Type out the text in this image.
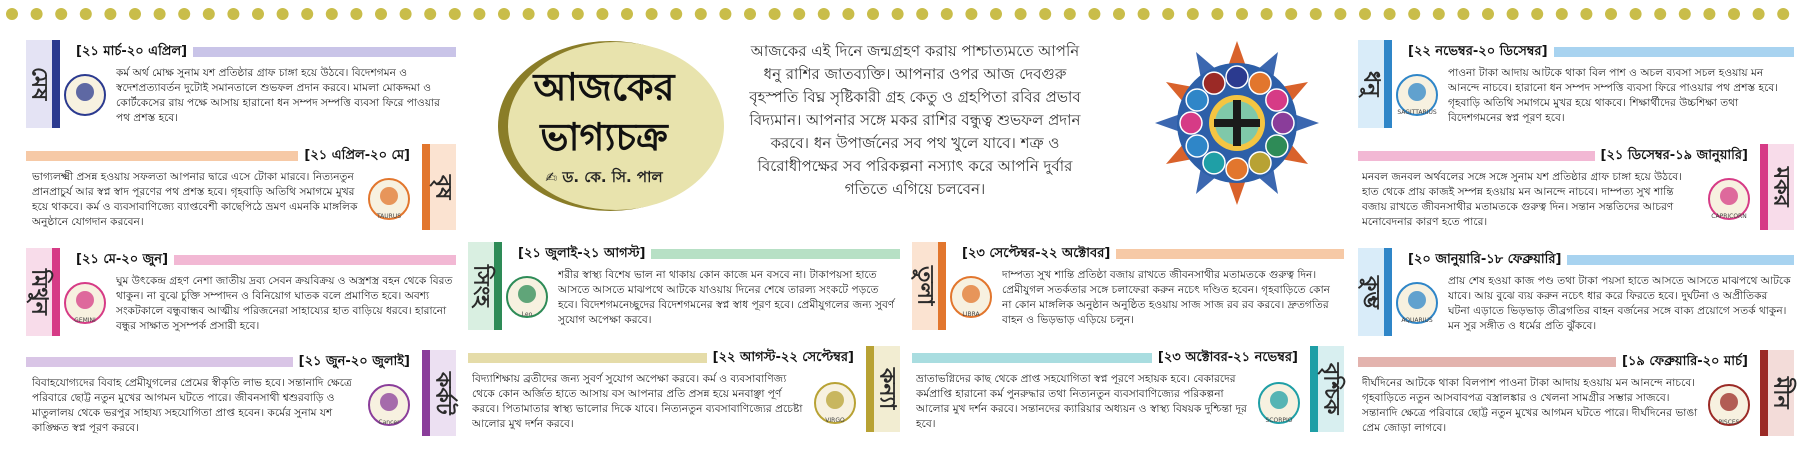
মেষ
[২১ মার্চ-২০ এপ্রিল]
কর্ম অর্থ মোক্ষ সুনাম যশ প্রতিষ্ঠার গ্রাফ চাঙ্গা হয়ে উঠবে। বিদেশগমন ও স্বদেশপ্রত্যাবর্তন দুটোই সমানতালে শুভফল প্রদান করবে। মামলা মোকদ্দমা ও কোর্টকেসের রায় পক্ষে আসায় হারানো ধন সম্পদ সম্পত্তি ব্যবসা ফিরে পাওয়ার পথ প্রশস্ত হবে।
[২১ এপ্রিল-২০ মে]
বৃষ
ভাগ্যলক্ষ্মী প্রসন্ন হওয়ায় সফলতা আপনার দ্বারে এসে টোকা মারবে। নিত্যনতুন প্রানপ্রাচুর্য আর স্বপ্ন স্বাদ পূরণের পথ প্রশস্ত হবে। গৃহবাড়ি অতিথি সমাগমে মুখর হয়ে থাকবে। কর্ম ও ব্যবসাবাণিজ্যে ব্যাপ্তবেশী কাছেপিঠে ভ্রমণ এমনকি মাঙ্গলিক অনুষ্ঠানে যোগদান করবেন।	TAURUS
মিথুন
[২১ মে-২০ জুন]
GEMINI
ঘুম উৎকেন্দ্র গ্রহণ নেশা জাতীয় দ্রব্য সেবন ক্রয়বিক্রয় ও অস্ত্রশস্ত্র বহন থেকে বিরত থাকুন। না বুঝে চুক্তি সম্পাদন ও বিনিয়োগ ঘাতক বলে প্রমাণিত হবে। অবশ্য সংকটকালে বন্ধুবান্ধব আত্মীয় পরিজনেরা সাহায্যের হাত বাড়িয়ে ধরবে। হারানো বন্ধুর সাক্ষাত সুসম্পর্ক প্রসারী হবে।
[২১ জুন-২০ জুলাই]
কর্কট
বিবাহযোগ্যদের বিবাহ প্রেমীযুগলের প্রেমের স্বীকৃতি লাভ হবে। সন্তানাদি ক্ষেত্রে পরিবারে ছোট্ট নতুন মুখের আগমন ঘটতে পারে। জীবনসাথী শ্বশুরবাড়ি ও মাতুলালয় থেকে ভরপুর সাহায্য সহযোগিতা প্রাপ্ত হবেন। কর্মের সুনাম যশ কাঙ্ক্ষিত স্বপ্ন পূরণ করবে।	Cancer
আজকের
ভাগ্যচক্র
✍ ড. কে. সি. পাল
আজকের এই দিনে জন্মগ্রহণ করায় পাশ্চাত্যমতে আপনি ধনু রাশির জাতব্যক্তি। আপনার ওপর আজ দেবগুরু বৃহস্পতি বিঘ্ন সৃষ্টিকারী গ্রহ কেতু ও গ্রহপিতা রবির প্রভাব বিদ্যমান। আপনার সঙ্গে মকর রাশির বন্ধুত্ব শুভফল প্রদান করবে। ধন উপার্জনের সব পথ খুলে যাবে। শত্রু ও বিরোধীপক্ষের সব পরিকল্পনা নস্যাৎ করে আপনি দুর্বার গতিতে এগিয়ে চলবেন।
সিংহ
[২১ জুলাই-২১ আগস্ট]
Leo
শরীর স্বাস্থ্য বিশেষ ভাল না থাকায় কোন কাজে মন বসবে না। টাকাপয়সা হাতে আসতে আসতে মাঝপথে আটকে যাওয়ায় দিনের শেষে তারল্য সংকটে পড়তে হবে। বিদেশগমনেচ্ছুদের বিদেশগমনের স্বপ্ন স্বাধ পূরণ হবে। প্রেমীযুগলের জন্য সুবর্ণ সুযোগ অপেক্ষা করবে।
তুলা
[২৩ সেপ্টেম্বর-২২ অক্টোবর]
LIBRA
দাম্পত্য সুখ শান্তি প্রতিষ্ঠা বজায় রাখতে জীবনসাথীর মতামতকে গুরুত্ব দিন। প্রেমীযুগল সতর্কতার সঙ্গে চলাফেরা করুন নচেৎ দণ্ডিত হবেন। গৃহবাড়িতে কোন না কোন মাঙ্গলিক অনুষ্ঠান অনুষ্ঠিত হওয়ায় সাজ সাজ রব রব করবে। দ্রুতগতির বাহন ও ভিড়ভাড় এড়িয়ে চলুন।
[২২ আগস্ট-২২ সেপ্টেম্বর]
কন্যা
বিদ্যাশিক্ষায় ব্রতীদের জন্য সুবর্ণ সুযোগ অপেক্ষা করবে। কর্ম ও ব্যবসাবাণিজ্য থেকে কোন অর্জিত হাতে আসায় বস আপনার প্রতি প্রসন্ন হয়ে মনবাঞ্ছা পূর্ণ করবে। পিতামাতার স্বাস্থ্য ভালোর দিকে যাবে। নিত্যনতুন ব্যবসাবাণিজ্যের প্রচেষ্টা আলোর মুখ দর্শন করবে।	VIRGO
[২৩ অক্টোবর-২১ নভেম্বর]
বৃশ্চিক
ভ্রাতাভগ্নিদের কাছ থেকে প্রাপ্ত সহযোগিতা স্বপ্ন পূরণে সহায়ক হবে। বেকারদের কর্মপ্রাপ্তি হারানো কর্ম পুনরুদ্ধার তথা নিত্যনতুন ব্যবসাবাণিজ্যের পরিকল্পনা আলোর মুখ দর্শন করবে। সন্তানদের ক্যারিয়ার অধ্যয়ন ও স্বাস্থ্য বিষয়ক দুশ্চিন্তা দূর হবে।	SCORPIO
ধনু
[২২ নভেম্বর-২০ ডিসেম্বর]
SAGITTARIUS
পাওনা টাকা আদায় আটকে থাকা বিল পাশ ও অচল ব্যবসা সচল হওয়ায় মন আনন্দে নাচবে। হারানো ধন সম্পদ সম্পত্তি ব্যবসা ফিরে পাওয়ার পথ প্রশস্ত হবে। গৃহবাড়ি অতিথি সমাগমে মুখর হয়ে থাকবে। শিক্ষার্থীদের উচ্চশিক্ষা তথা বিদেশগমনের স্বপ্ন পূরণ হবে।
[২১ ডিসেম্বর-১৯ জানুয়ারি]
মকর
মনবল জনবল অর্থবলের সঙ্গে সঙ্গে সুনাম যশ প্রতিষ্ঠার গ্রাফ চাঙ্গা হয়ে উঠবে। হাত থেকে প্রায় কাজই সম্পন্ন হওয়ায় মন আনন্দে নাচবে। দাম্পত্য সুখ শান্তি বজায় রাখতে জীবনসাথীর মতামতকে গুরুত্ব দিন। সন্তান সন্ততিদের আচরণ মনোবেদনার কারণ হতে পারে।	CAPRICORN
কুম্ভ
[২০ জানুয়ারি-১৮ ফেব্রুয়ারি]
AQUARIUS
প্রায় শেষ হওয়া কাজ পণ্ড তথা টাকা পয়সা হাতে আসতে আসতে মাঝপথে আটকে যাবে। আয় বুঝে ব্যয় করুন নচেৎ ধার করে ফিরতে হবে। দুর্ঘটনা ও অপ্রীতিকর ঘটনা এড়াতে ভিড়ভাড় তীব্রগতির বাহন বর্জনের সঙ্গে বাক্য প্রয়োগে সতর্ক থাকুন। মন সুর সঙ্গীত ও ধর্মের প্রতি ঝুঁকবে।
[১৯ ফেব্রুয়ারি-২০ মার্চ]
মীন
দীর্ঘদিনের আটকে থাকা বিলপাশ পাওনা টাকা আদায় হওয়ায় মন আনন্দে নাচবে। গৃহবাড়িতে নতুন আসবাবপত্র বস্ত্রালঙ্কার ও খেলনা সামগ্রীর সম্ভার সাজবে। সন্তানাদি ক্ষেত্রে পরিবারে ছোট্ট নতুন মুখের আগমন ঘটতে পারে। দীর্ঘদিনের ভাঙা প্রেম জোড়া লাগবে।	PISCES
